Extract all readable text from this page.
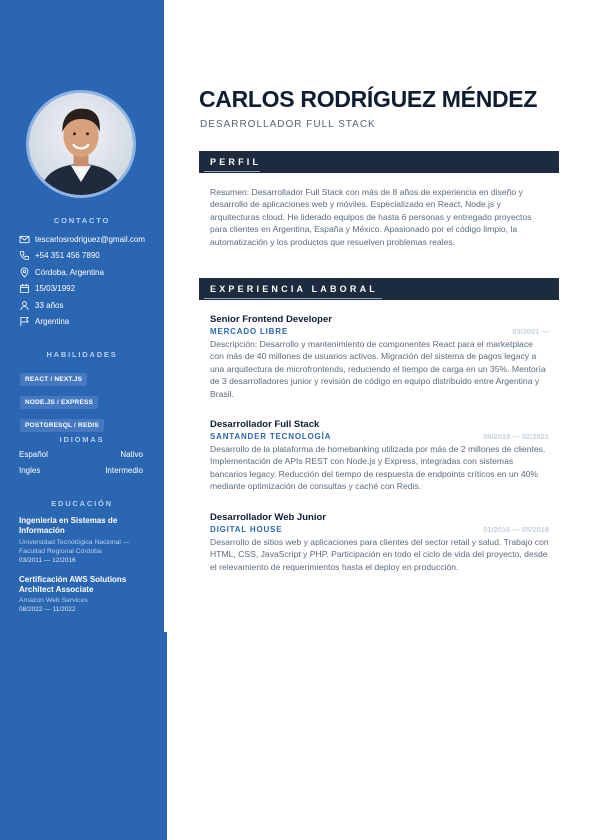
CONTACTO
tescarlosrodriguez@gmail.com
+54 351 456 7890
Córdoba, Argentina
15/03/1992
33 años
Argentina
HABILIDADES
REACT / NEXT.JS
NODE.JS / EXPRESS
POSTGRESQL / REDIS
IDIOMAS
Español	Nativo
Ingles	Intermedio
EDUCACIÓN
Ingeniería en Sistemas de Información
Universidad Tecnológica Nacional — Facultad Regional Córdoba
03/2011 — 12/2016
Certificación AWS Solutions Architect Associate
Amazon Web Services
08/2022 — 11/2022
CARLOS RODRÍGUEZ MÉNDEZ
DESARROLLADOR FULL STACK
PERFIL
Resumen: Desarrollador Full Stack con más de 8 años de experiencia en diseño y desarrollo de aplicaciones web y móviles. Especializado en React, Node.js y arquitecturas cloud. He liderado equipos de hasta 6 personas y entregado proyectos para clientes en Argentina, España y México. Apasionado por el código limpio, la automatización y los productos que resuelven problemas reales.
EXPERIENCIA LABORAL
Senior Frontend Developer
MERCADO LIBRE	03/2001 —
Descripción: Desarrollo y mantenimiento de componentes React para el marketplace con más de 40 millones de usuarios activos. Migración del sistema de pagos legacy a una arquitectura de microfrontends, reduciendo el tiempo de carga en un 35%. Mentoría de 3 desarrolladores junior y revisión de código en equipo distribuido entre Argentina y Brasil.
Desarrollador Full Stack
SANTANDER TECNOLOGÍA	06/2018 — 02/2021
Desarrollo de la plataforma de homebanking utilizada por más de 2 millones de clientes. Implementación de APIs REST con Node.js y Express, integradas con sistemas bancarios legacy. Reducción del tiempo de respuesta de endpoints críticos en un 40% mediante optimización de consultas y caché con Redis.
Desarrollador Web Junior
DIGITAL HOUSE	01/2016 — 05/2018
Desarrollo de sitios web y aplicaciones para clientes del sector retail y salud. Trabajo con HTML, CSS, JavaScript y PHP. Participación en todo el ciclo de vida del proyecto, desde el relevamiento de requerimientos hasta el deploy en producción.
